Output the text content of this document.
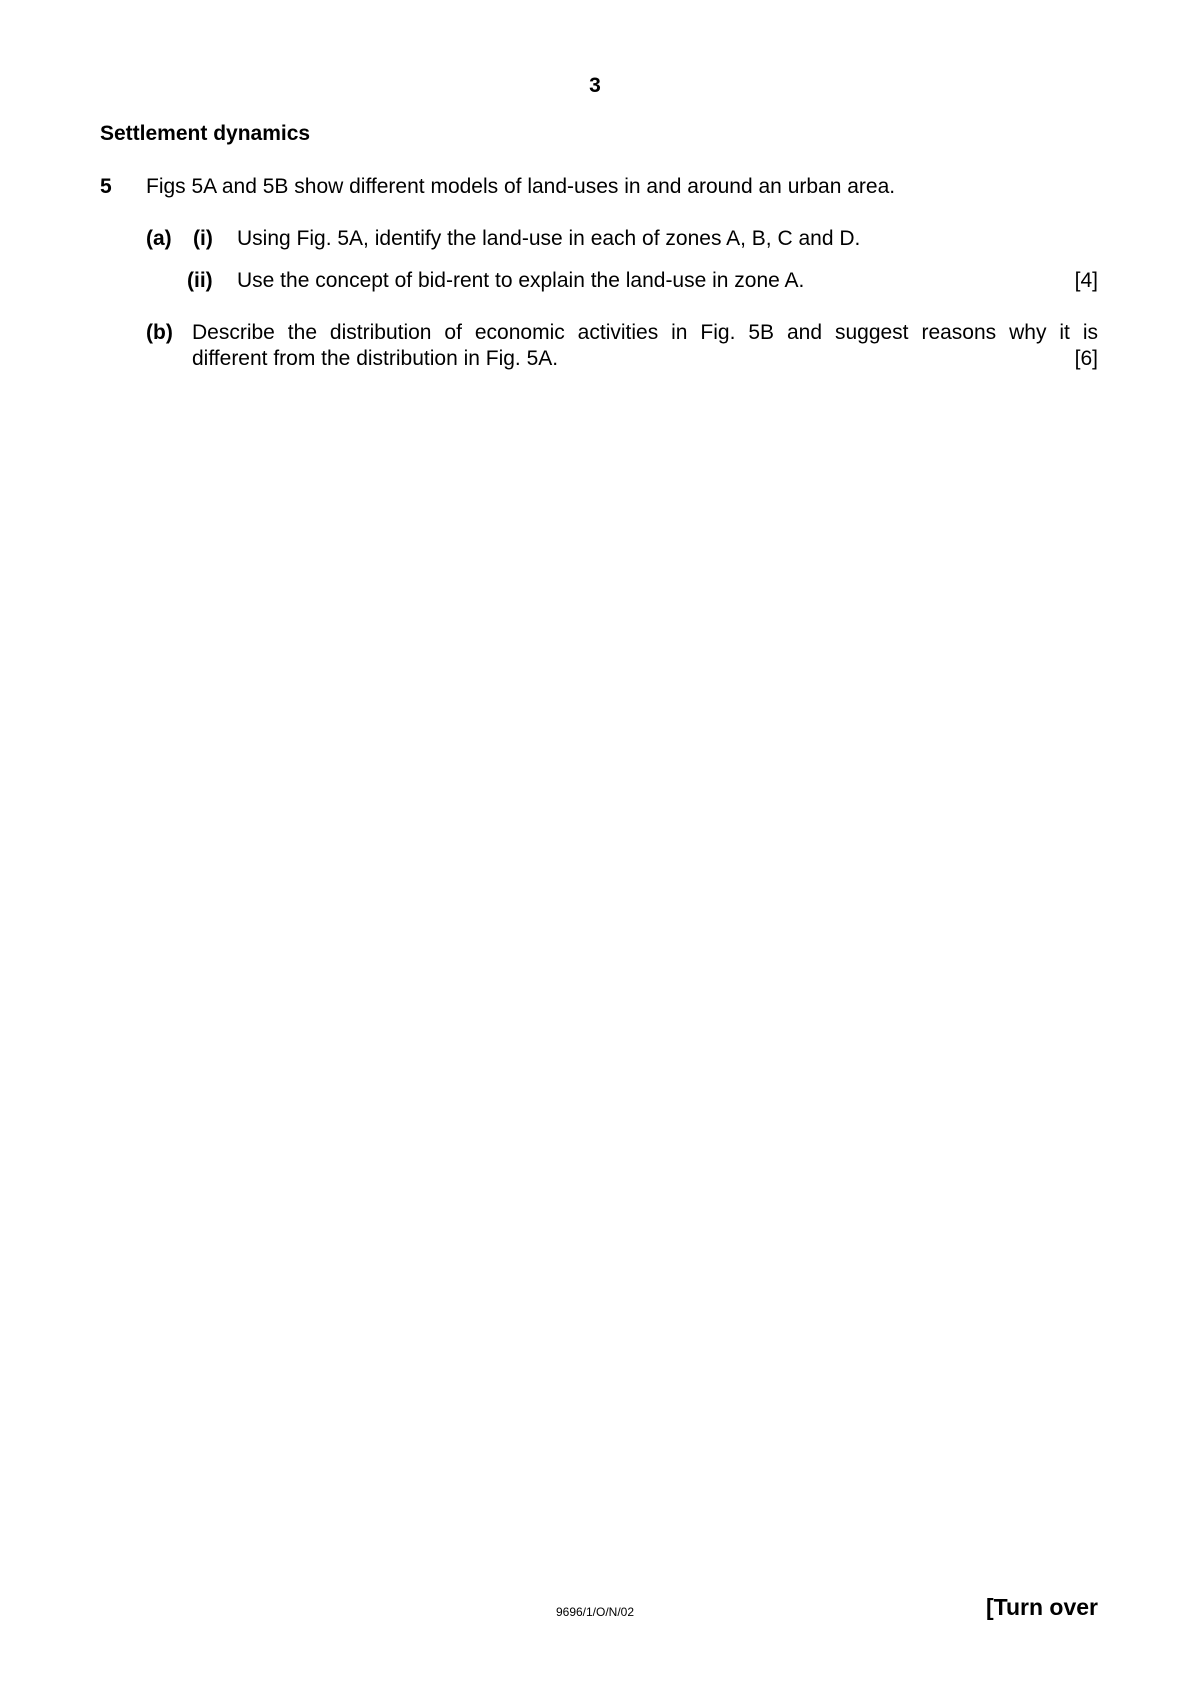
3
Settlement dynamics
5 Figs 5A and 5B show different models of land-uses in and around an urban area.
(a) (i) Using Fig. 5A, identify the land-use in each of zones A, B, C and D.
(ii) Use the concept of bid-rent to explain the land-use in zone A.	[4]
(b) Describe the distribution of economic activities in Fig. 5B and suggest reasons why it is
different from the distribution in Fig. 5A.	[6]
9696/1/O/N/02	[Turn over
